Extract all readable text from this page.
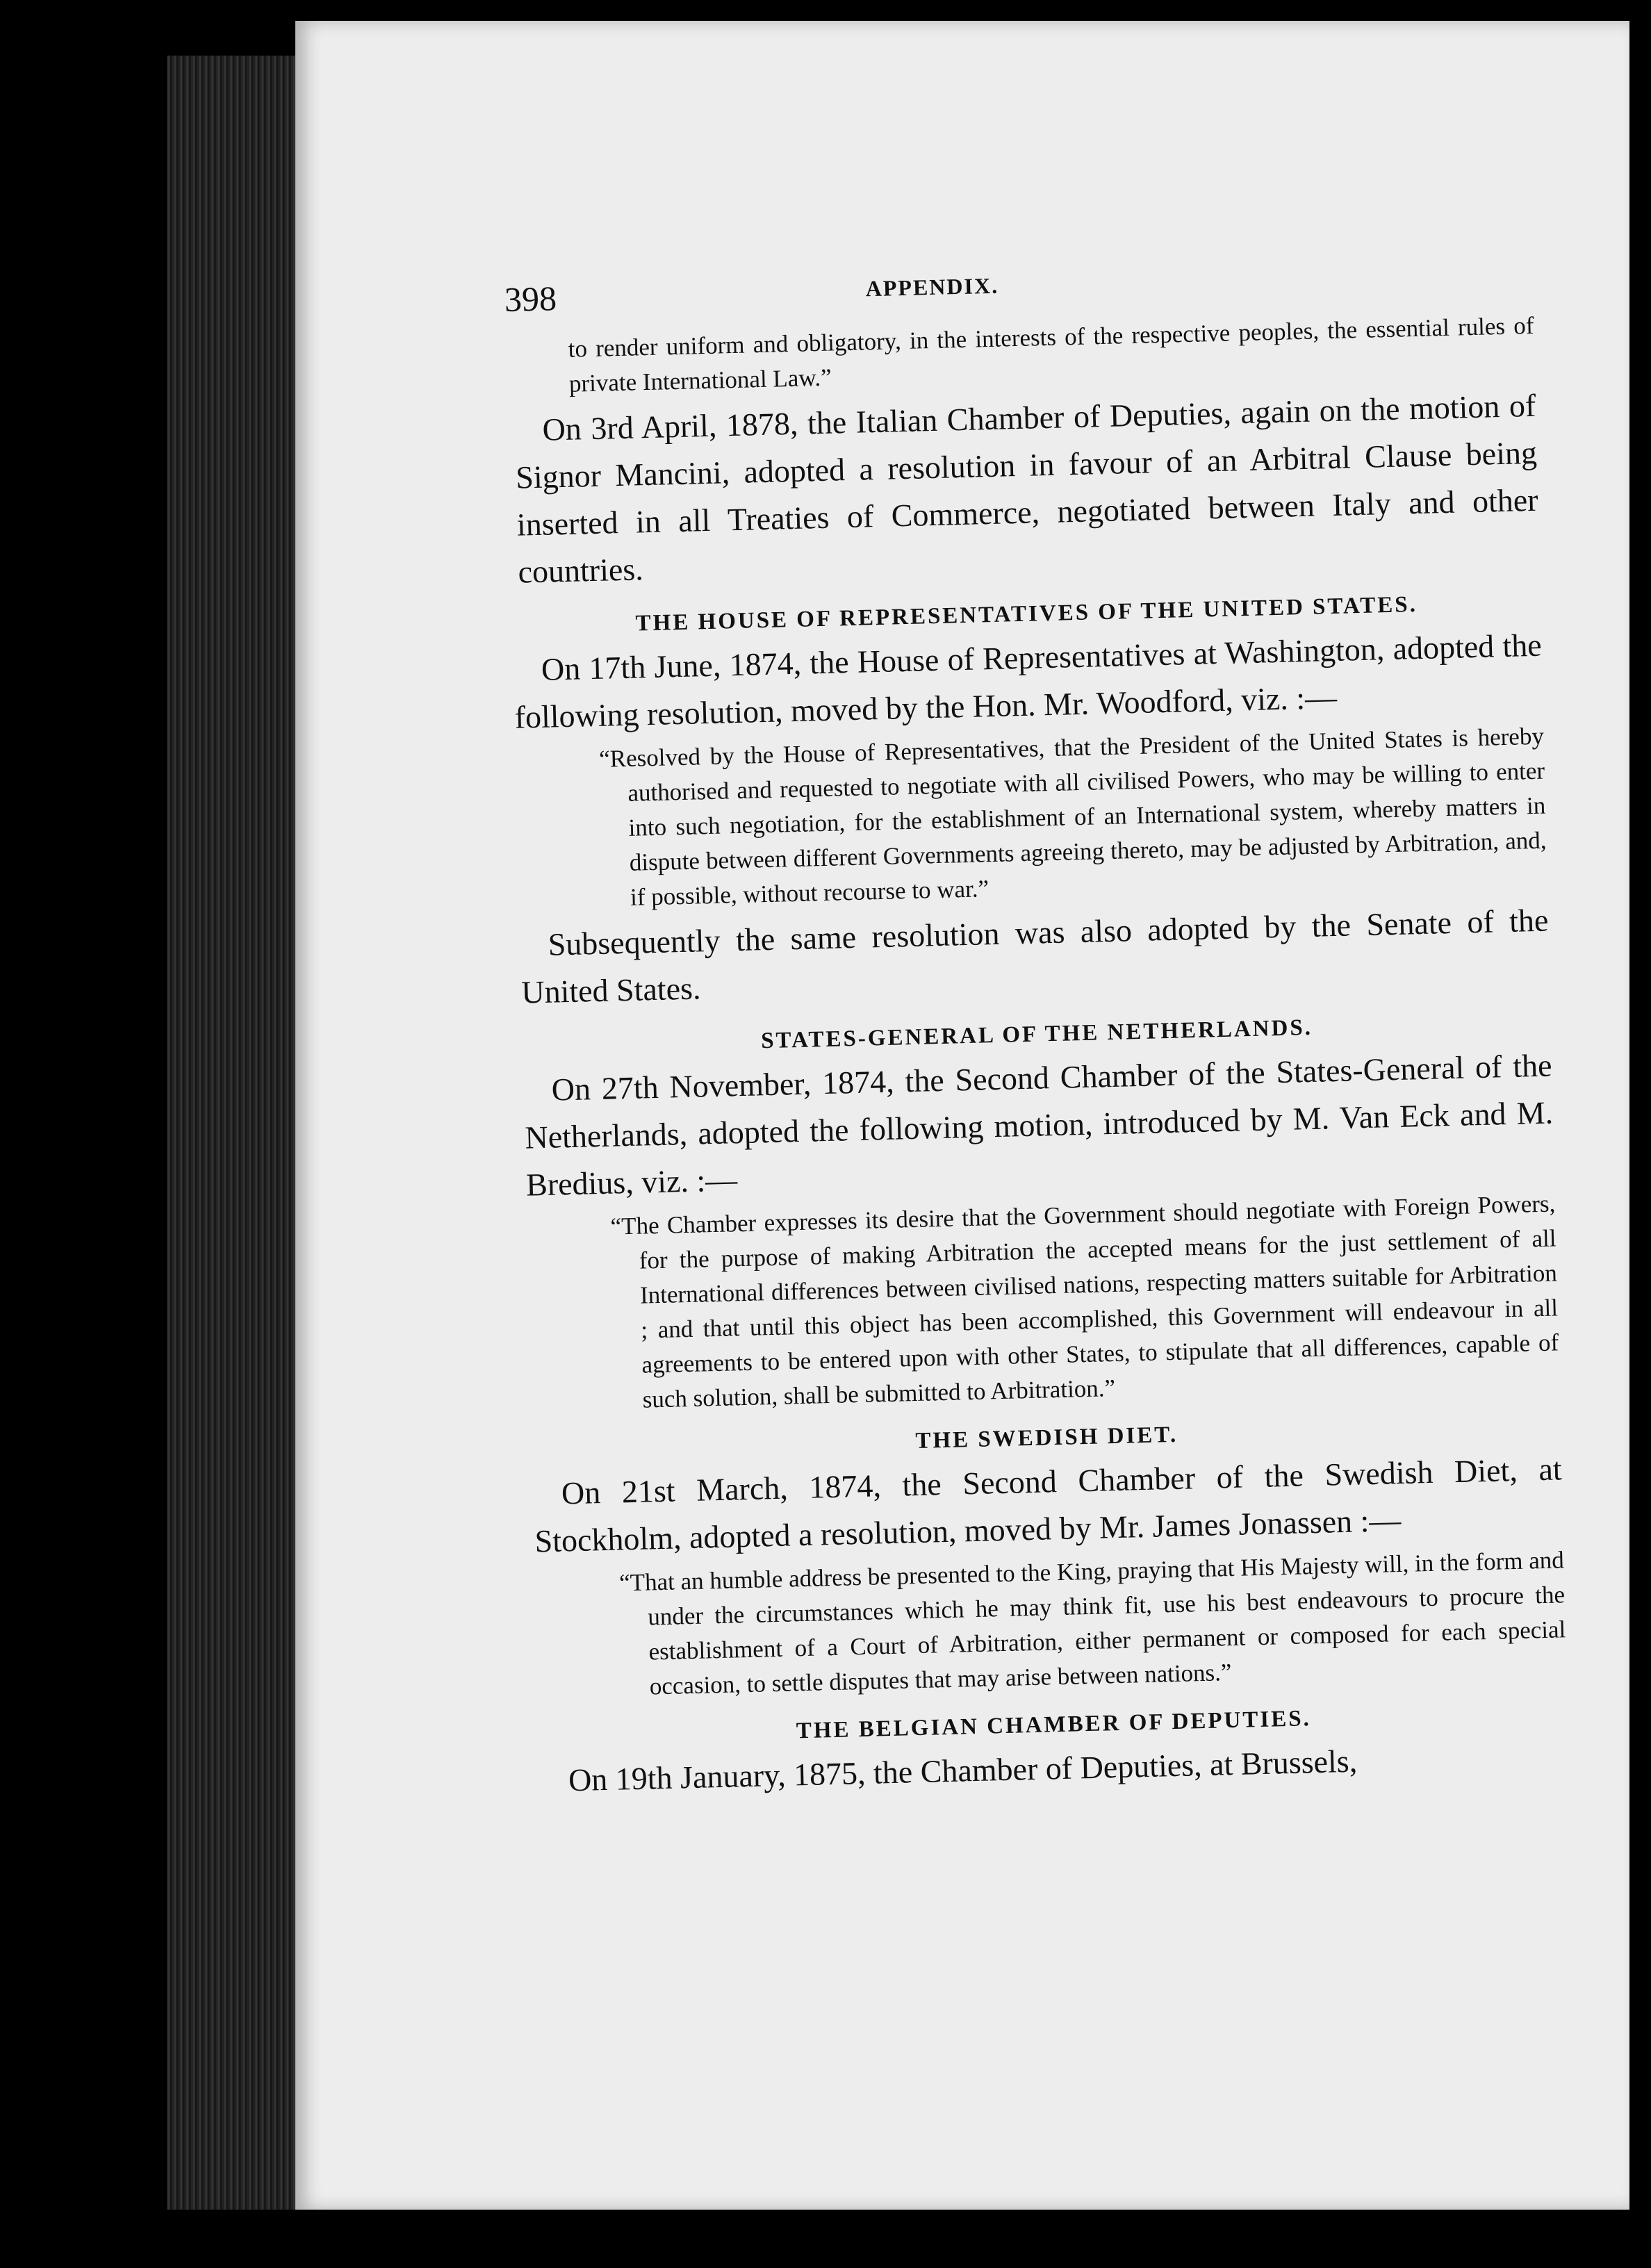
398	APPENDIX.

to render uniform and obligatory, in the interests of the respective peoples, the essential rules of private International Law.”

On 3rd April, 1878, the Italian Chamber of Deputies, again on the motion of Signor Mancini, adopted a resolution in favour of an Arbitral Clause being inserted in all Treaties of Commerce, negotiated between Italy and other countries.

THE HOUSE OF REPRESENTATIVES OF THE UNITED STATES.

On 17th June, 1874, the House of Representatives at Washington, adopted the following resolution, moved by the Hon. Mr. Woodford, viz. :—

“Resolved by the House of Representatives, that the President of the United States is hereby authorised and requested to negotiate with all civilised Powers, who may be willing to enter into such negotiation, for the establishment of an International system, whereby matters in dispute between different Governments agreeing thereto, may be adjusted by Arbitration, and, if possible, without recourse to war.”

Subsequently the same resolution was also adopted by the Senate of the United States.

STATES-GENERAL OF THE NETHERLANDS.

On 27th November, 1874, the Second Chamber of the States-General of the Netherlands, adopted the following motion, introduced by M. Van Eck and M. Bredius, viz. :—

“The Chamber expresses its desire that the Government should negotiate with Foreign Powers, for the purpose of making Arbitration the accepted means for the just settlement of all International differences between civilised nations, respecting matters suitable for Arbitration ; and that until this object has been accomplished, this Government will endeavour in all agreements to be entered upon with other States, to stipulate that all differences, capable of such solution, shall be submitted to Arbitration.”

THE SWEDISH DIET.

On 21st March, 1874, the Second Chamber of the Swedish Diet, at Stockholm, adopted a resolution, moved by Mr. James Jonassen :—

“That an humble address be presented to the King, praying that His Majesty will, in the form and under the circumstances which he may think fit, use his best endeavours to procure the establishment of a Court of Arbitration, either permanent or composed for each special occasion, to settle disputes that may arise between nations.”

THE BELGIAN CHAMBER OF DEPUTIES.

On 19th January, 1875, the Chamber of Deputies, at Brussels,
